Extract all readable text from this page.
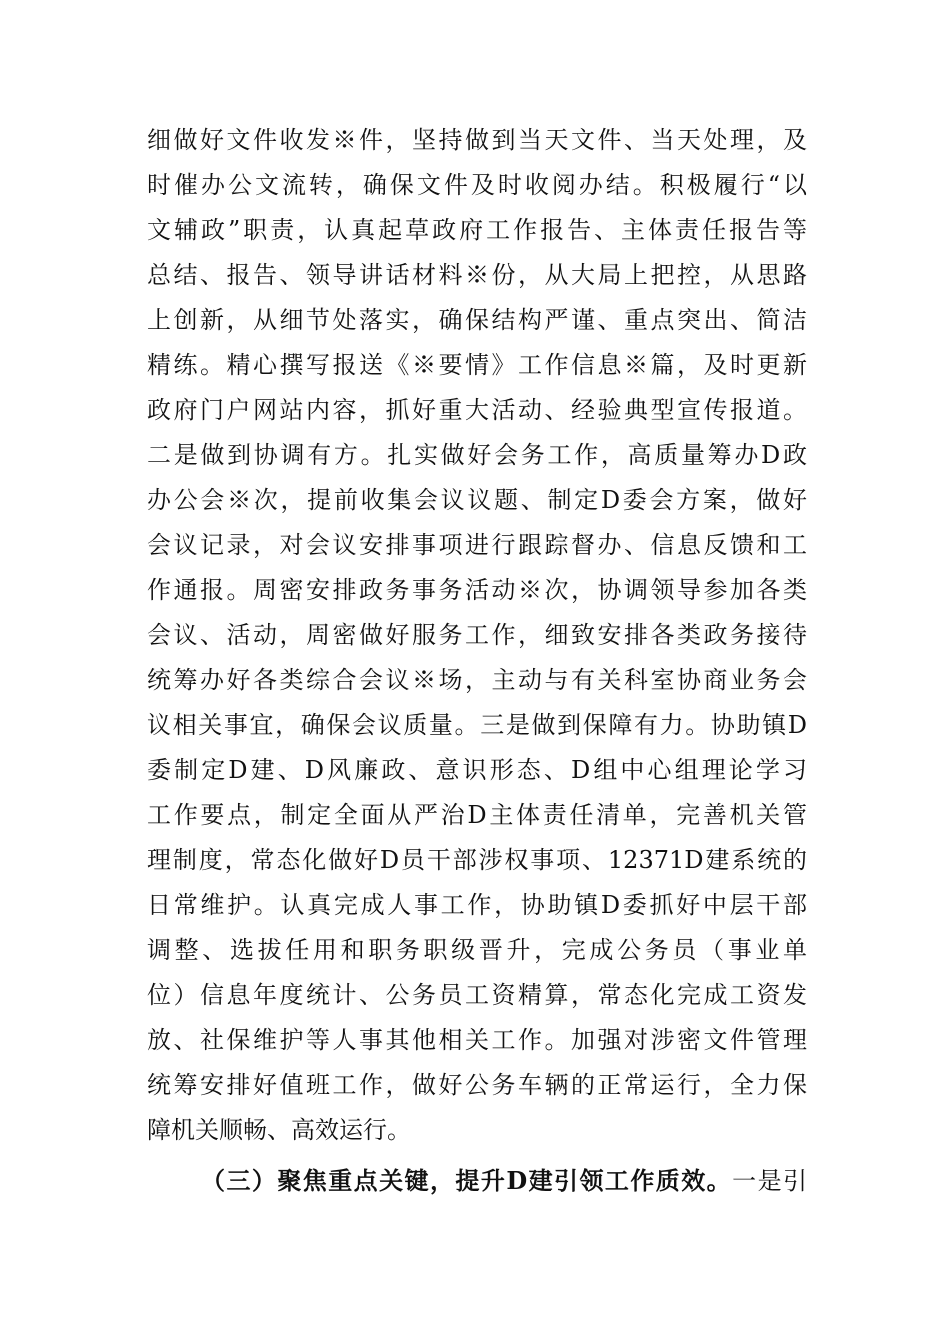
细做好文件收发※件，坚持做到当天文件、当天处理，及
时催办公文流转，确保文件及时收阅办结。积极履行“以
文辅政”职责，认真起草政府工作报告、主体责任报告等
总结、报告、领导讲话材料※份，从大局上把控，从思路
上创新，从细节处落实，确保结构严谨、重点突出、简洁
精练。精心撰写报送《※要情》工作信息※篇，及时更新
政府门户网站内容，抓好重大活动、经验典型宣传报道。
二是做到协调有方。扎实做好会务工作，高质量筹办D政
办公会※次，提前收集会议议题、制定D委会方案，做好
会议记录，对会议安排事项进行跟踪督办、信息反馈和工
作通报。周密安排政务事务活动※次，协调领导参加各类
会议、活动，周密做好服务工作，细致安排各类政务接待
统筹办好各类综合会议※场，主动与有关科室协商业务会
议相关事宜，确保会议质量。三是做到保障有力。协助镇D
委制定D建、D风廉政、意识形态、D组中心组理论学习
工作要点，制定全面从严治D主体责任清单，完善机关管
理制度，常态化做好D员干部涉权事项、12371D建系统的
日常维护。认真完成人事工作，协助镇D委抓好中层干部
调整、选拔任用和职务职级晋升，完成公务员（事业单
位）信息年度统计、公务员工资精算，常态化完成工资发
放、社保维护等人事其他相关工作。加强对涉密文件管理
统筹安排好值班工作，做好公务车辆的正常运行，全力保
障机关顺畅、高效运行。
（三）聚焦重点关键，提升D建引领工作质效。一是引
